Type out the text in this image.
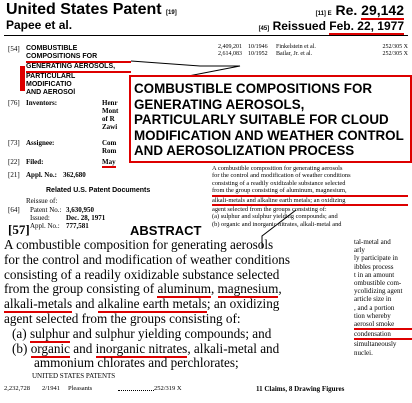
United States Patent [19]
Papee et al.
[11] E Re. 29,142
[45] Reissued Feb. 22, 1977
[54] COMBUSTIBLE COMPOSITIONS FOR
GENERATING AEROSOLS,
PARTICULARL
MODIFICATIO
AND AEROSOl
[76] Inventors:	Henr
Mont
of R
Zawi
[73] Assignee:	Com
Rom
[22] Filed:	May
[21] Appl. No.: 362,680
Related U.S. Patent Documents
Reissue of:
[64] Patent No.: 3,630,950
Issued: Dec. 28, 1971
Appl. No.: 777,581
2,409,201	10/1946	Finkelstein et al.	252/305 X
2,614,083	10/1952	Bailar, Jr. et al.	252/305 X
COMBUSTIBLE COMPOSITIONS FOR
GENERATING AEROSOLS,
PARTICULARLY SUITABLE FOR CLOUD
MODIFICATION AND WEATHER CONTROL
AND AEROSOLIZATION PROCESS
A combustible composition for generating aerosols
for the control and modification of weather conditions
consisting of a readily oxidizable substance selected
from the group consisting of aluminum, magnesium,
alkali-metals and alkaline earth metals; an oxidizing
agent selected from the groups consisting of:
(a) sulphur and sulphur yielding compounds; and
(b) organic and inorganic nitrates, alkali-metal and
[57]	ABSTRACT

A combustible composition for generating aerosols

for the control and modification of weather conditions

consisting of a readily oxidizable substance selected

from the group consisting of aluminum, magnesium,

alkali-metals and alkaline earth metals; an oxidizing

agent selected from the groups consisting of:

(a) sulphur and sulphur yielding compounds; and

(b) organic and inorganic nitrates, alkali-metal and

ammonium chlorates and perchlorates;

UNITED STATES PATENTS

tal-metal and
arly
ly participate in
ibbles process
t in an amount
ombustible com-
ycolidizing agent
article size in
, and a portion
tion whereby
aerosol smoke
condensation
simultaneously
nuclei.
2,232,728	2/1941	Pleasants	252/319 X	11 Claims, 8 Drawing Figures
